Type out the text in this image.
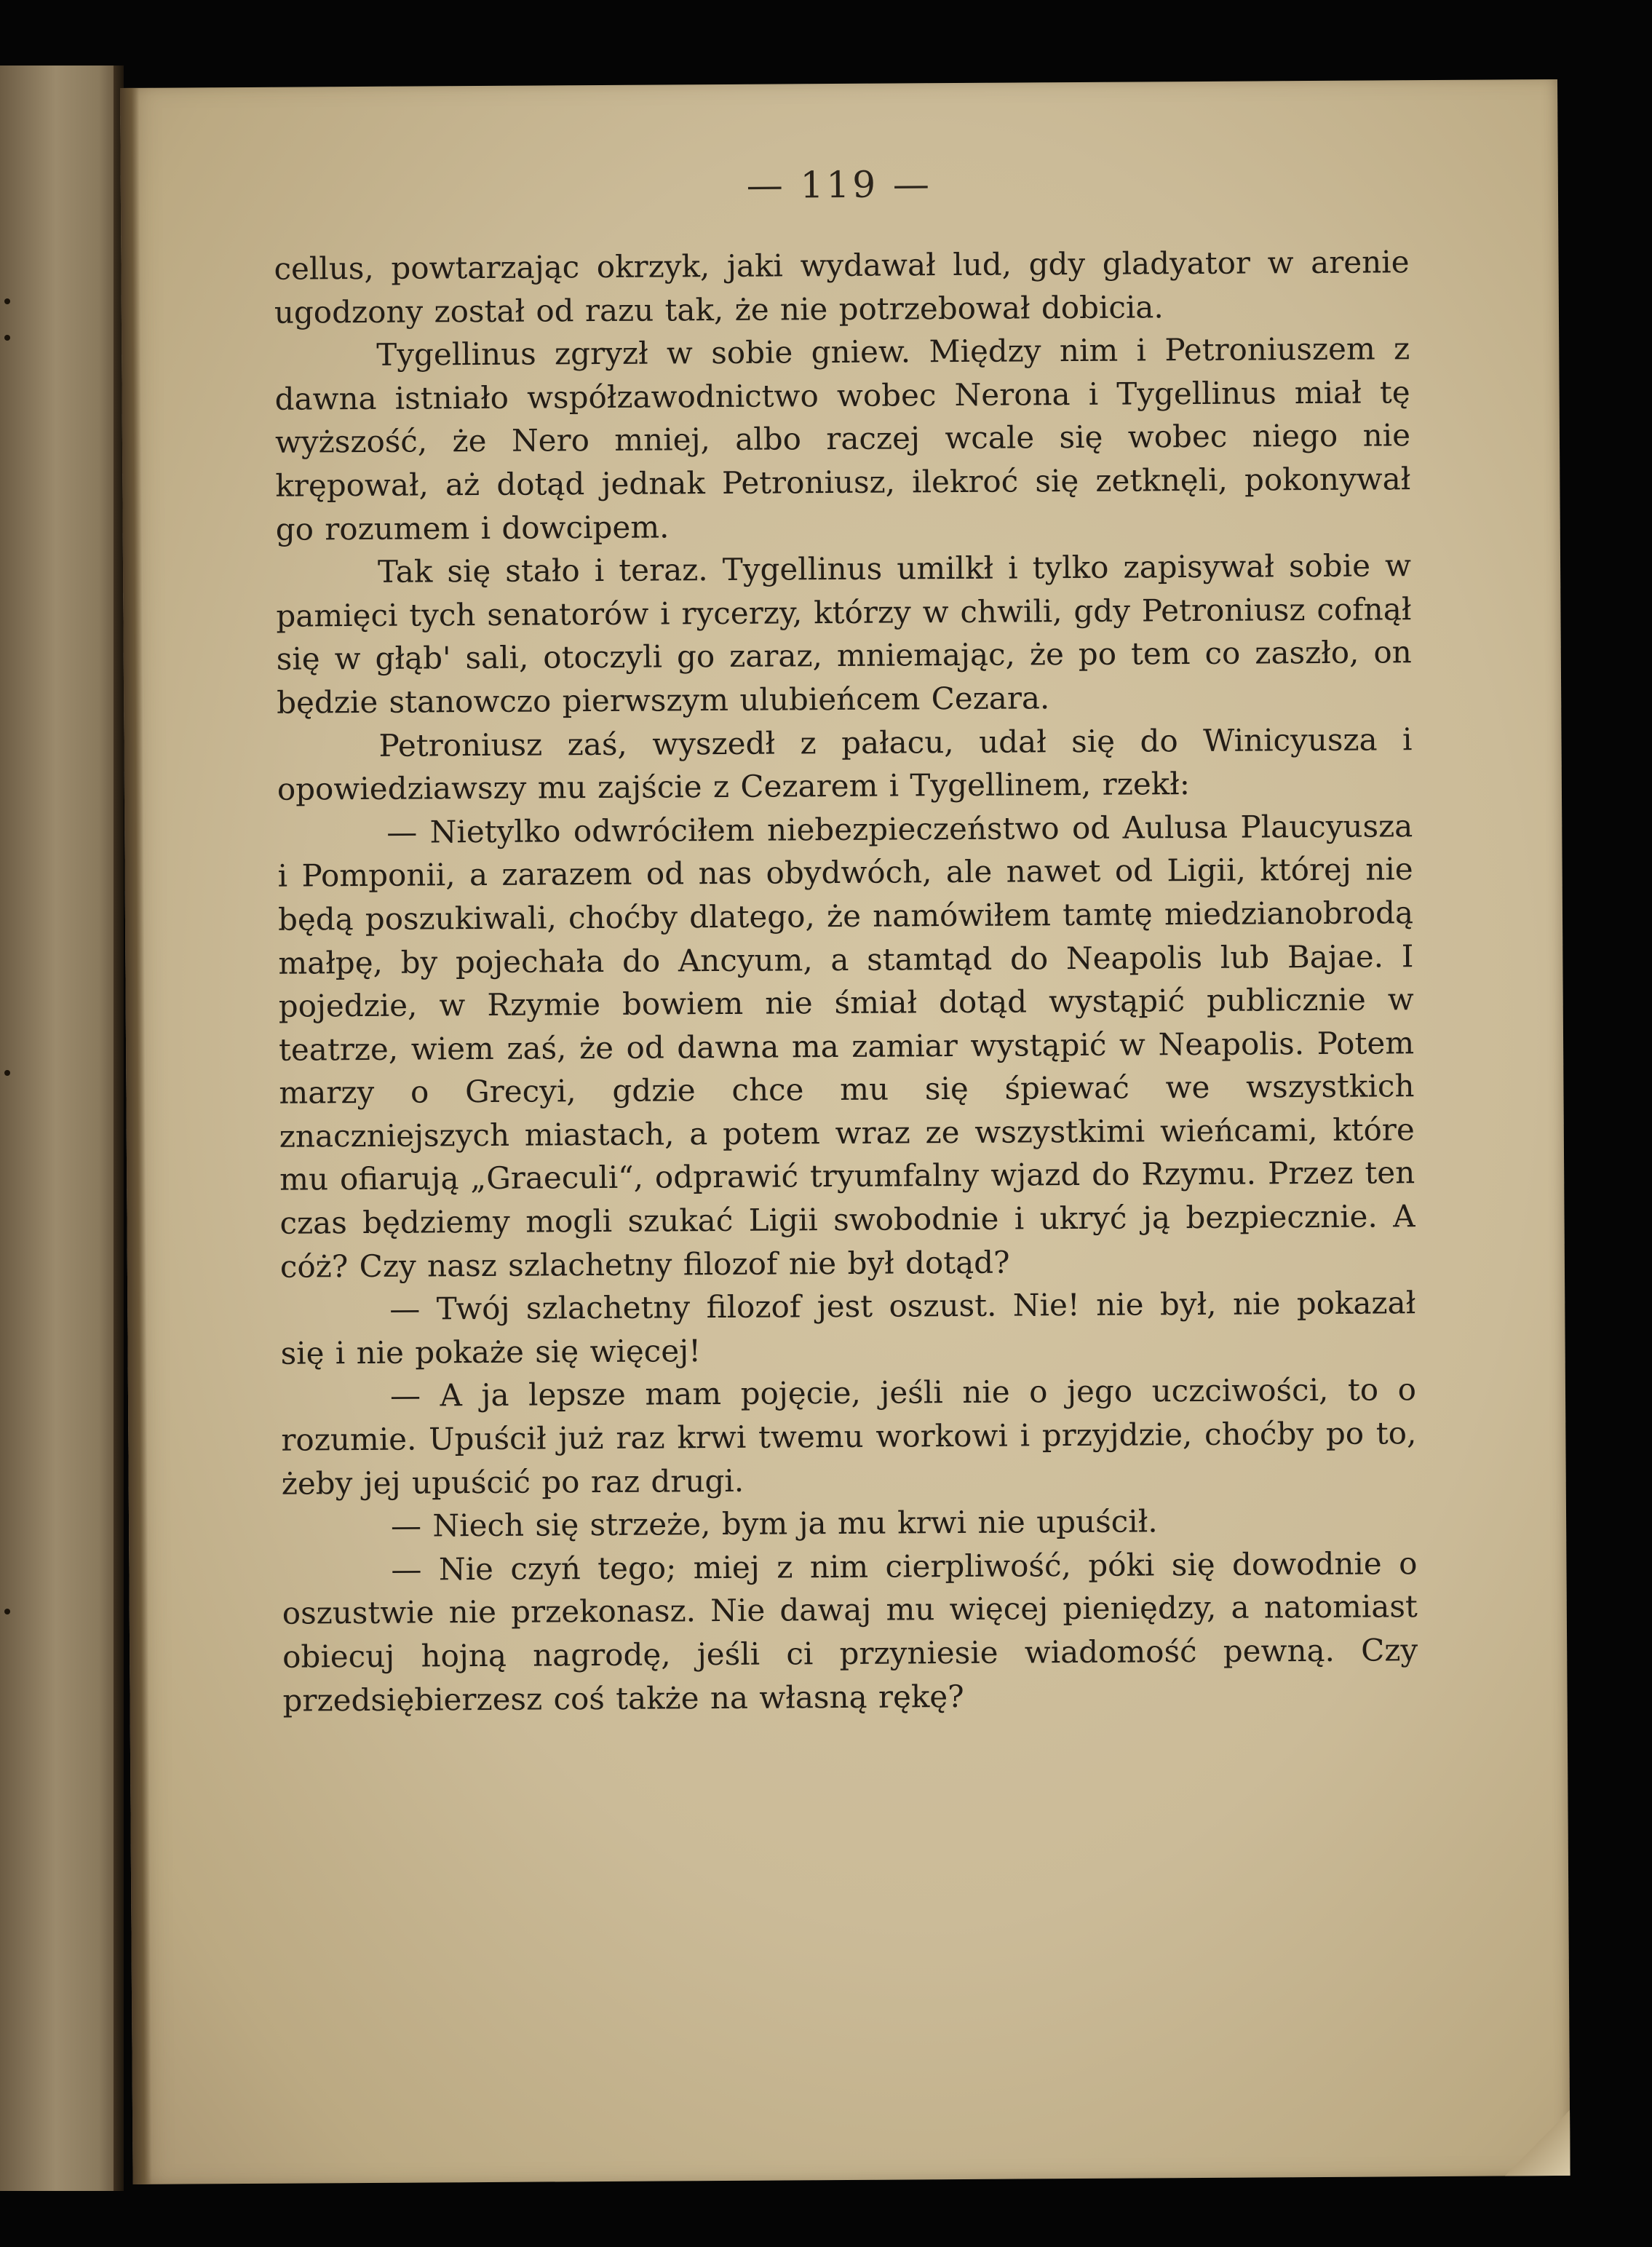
— 119 —

cellus, powtarzając okrzyk, jaki wydawał lud, gdy gladyator w arenie ugodzony został od razu tak, że nie potrzebował dobicia.

Tygellinus zgryzł w sobie gniew. Między nim i Petroniuszem z dawna istniało współzawodnictwo wobec Nerona i Tygellinus miał tę wyższość, że Nero mniej, albo raczej wcale się wobec niego nie krępował, aż dotąd jednak Petroniusz, ilekroć się zetknęli, pokonywał go rozumem i dowcipem.

Tak się stało i teraz. Tygellinus umilkł i tylko zapisywał sobie w pamięci tych senatorów i rycerzy, którzy w chwili, gdy Petroniusz cofnął się w głąb' sali, otoczyli go zaraz, mniemając, że po tem co zaszło, on będzie stanowczo pierwszym ulubieńcem Cezara.

Petroniusz zaś, wyszedł z pałacu, udał się do Winicyusza i opowiedziawszy mu zajście z Cezarem i Tygellinem, rzekł:

— Nietylko odwróciłem niebezpieczeństwo od Aulusa Plaucyusza i Pomponii, a zarazem od nas obydwóch, ale nawet od Ligii, której nie będą poszukiwali, choćby dlatego, że namówiłem tamtę miedzianobrodą małpę, by pojechała do Ancyum, a stamtąd do Neapolis lub Bajae. I pojedzie, w Rzymie bowiem nie śmiał dotąd wystąpić publicznie w teatrze, wiem zaś, że od dawna ma zamiar wystąpić w Neapolis. Potem marzy o Grecyi, gdzie chce mu się śpiewać we wszystkich znaczniejszych miastach, a potem wraz ze wszystkimi wieńcami, które mu ofiarują „Graeculi“, odprawić tryumfalny wjazd do Rzymu. Przez ten czas będziemy mogli szukać Ligii swobodnie i ukryć ją bezpiecznie. A cóż? Czy nasz szlachetny filozof nie był dotąd?

— Twój szlachetny filozof jest oszust. Nie! nie był, nie pokazał się i nie pokaże się więcej!

— A ja lepsze mam pojęcie, jeśli nie o jego uczciwości, to o rozumie. Upuścił już raz krwi twemu workowi i przyjdzie, choćby po to, żeby jej upuścić po raz drugi.

— Niech się strzeże, bym ja mu krwi nie upuścił.

— Nie czyń tego; miej z nim cierpliwość, póki się dowodnie o oszustwie nie przekonasz. Nie dawaj mu więcej pieniędzy, a natomiast obiecuj hojną nagrodę, jeśli ci przyniesie wiadomość pewną. Czy przedsiębierzesz coś także na własną rękę?
